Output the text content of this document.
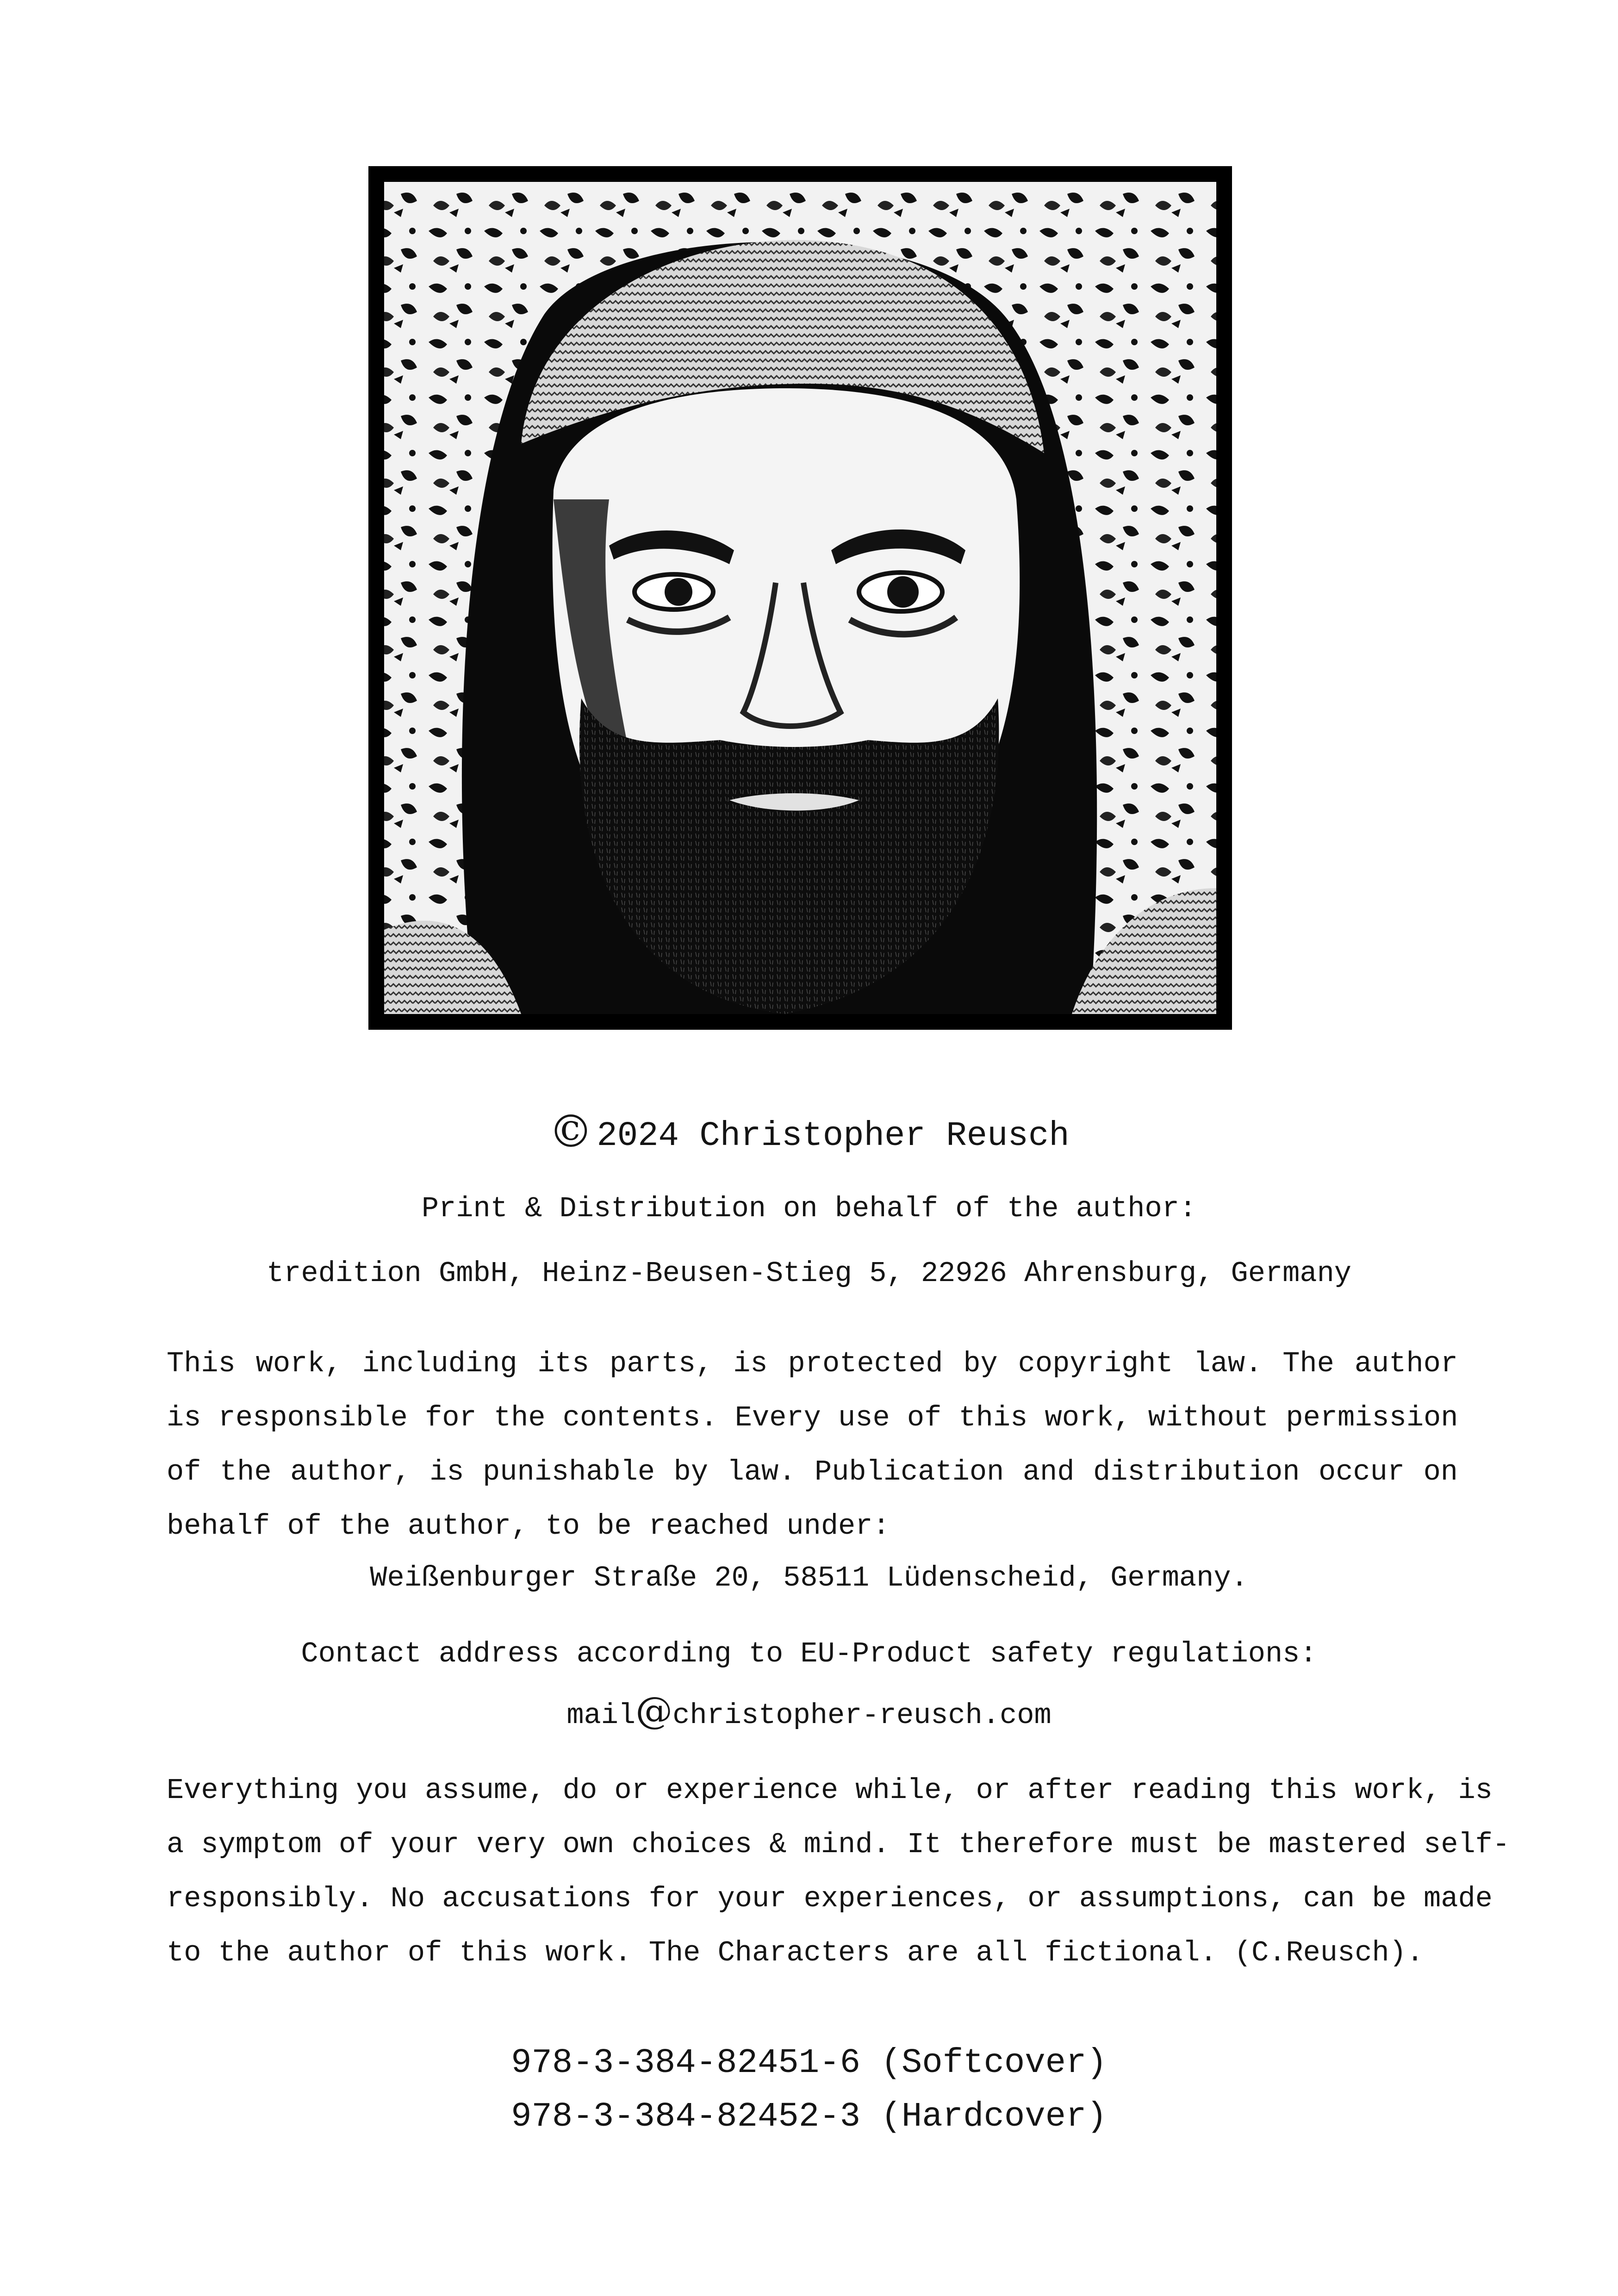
© 2024 Christopher Reusch
Print & Distribution on behalf of the author:
tredition GmbH, Heinz-Beusen-Stieg 5, 22926 Ahrensburg, Germany
This work, including its parts, is protected by copyright law. The author
is responsible for the contents. Every use of this work, without permission
of the author, is punishable by law. Publication and distribution occur on
behalf of the author, to be reached under:
Weißenburger Straße 20, 58511 Lüdenscheid, Germany.
Contact address according to EU-Product safety regulations:
mail@christopher-reusch.com
Everything you assume, do or experience while, or after reading this work, is
a symptom of your very own choices & mind. It therefore must be mastered self-
responsibly. No accusations for your experiences, or assumptions, can be made
to the author of this work. The Characters are all fictional. (C.Reusch).
978-3-384-82451-6 (Softcover)
978-3-384-82452-3 (Hardcover)
